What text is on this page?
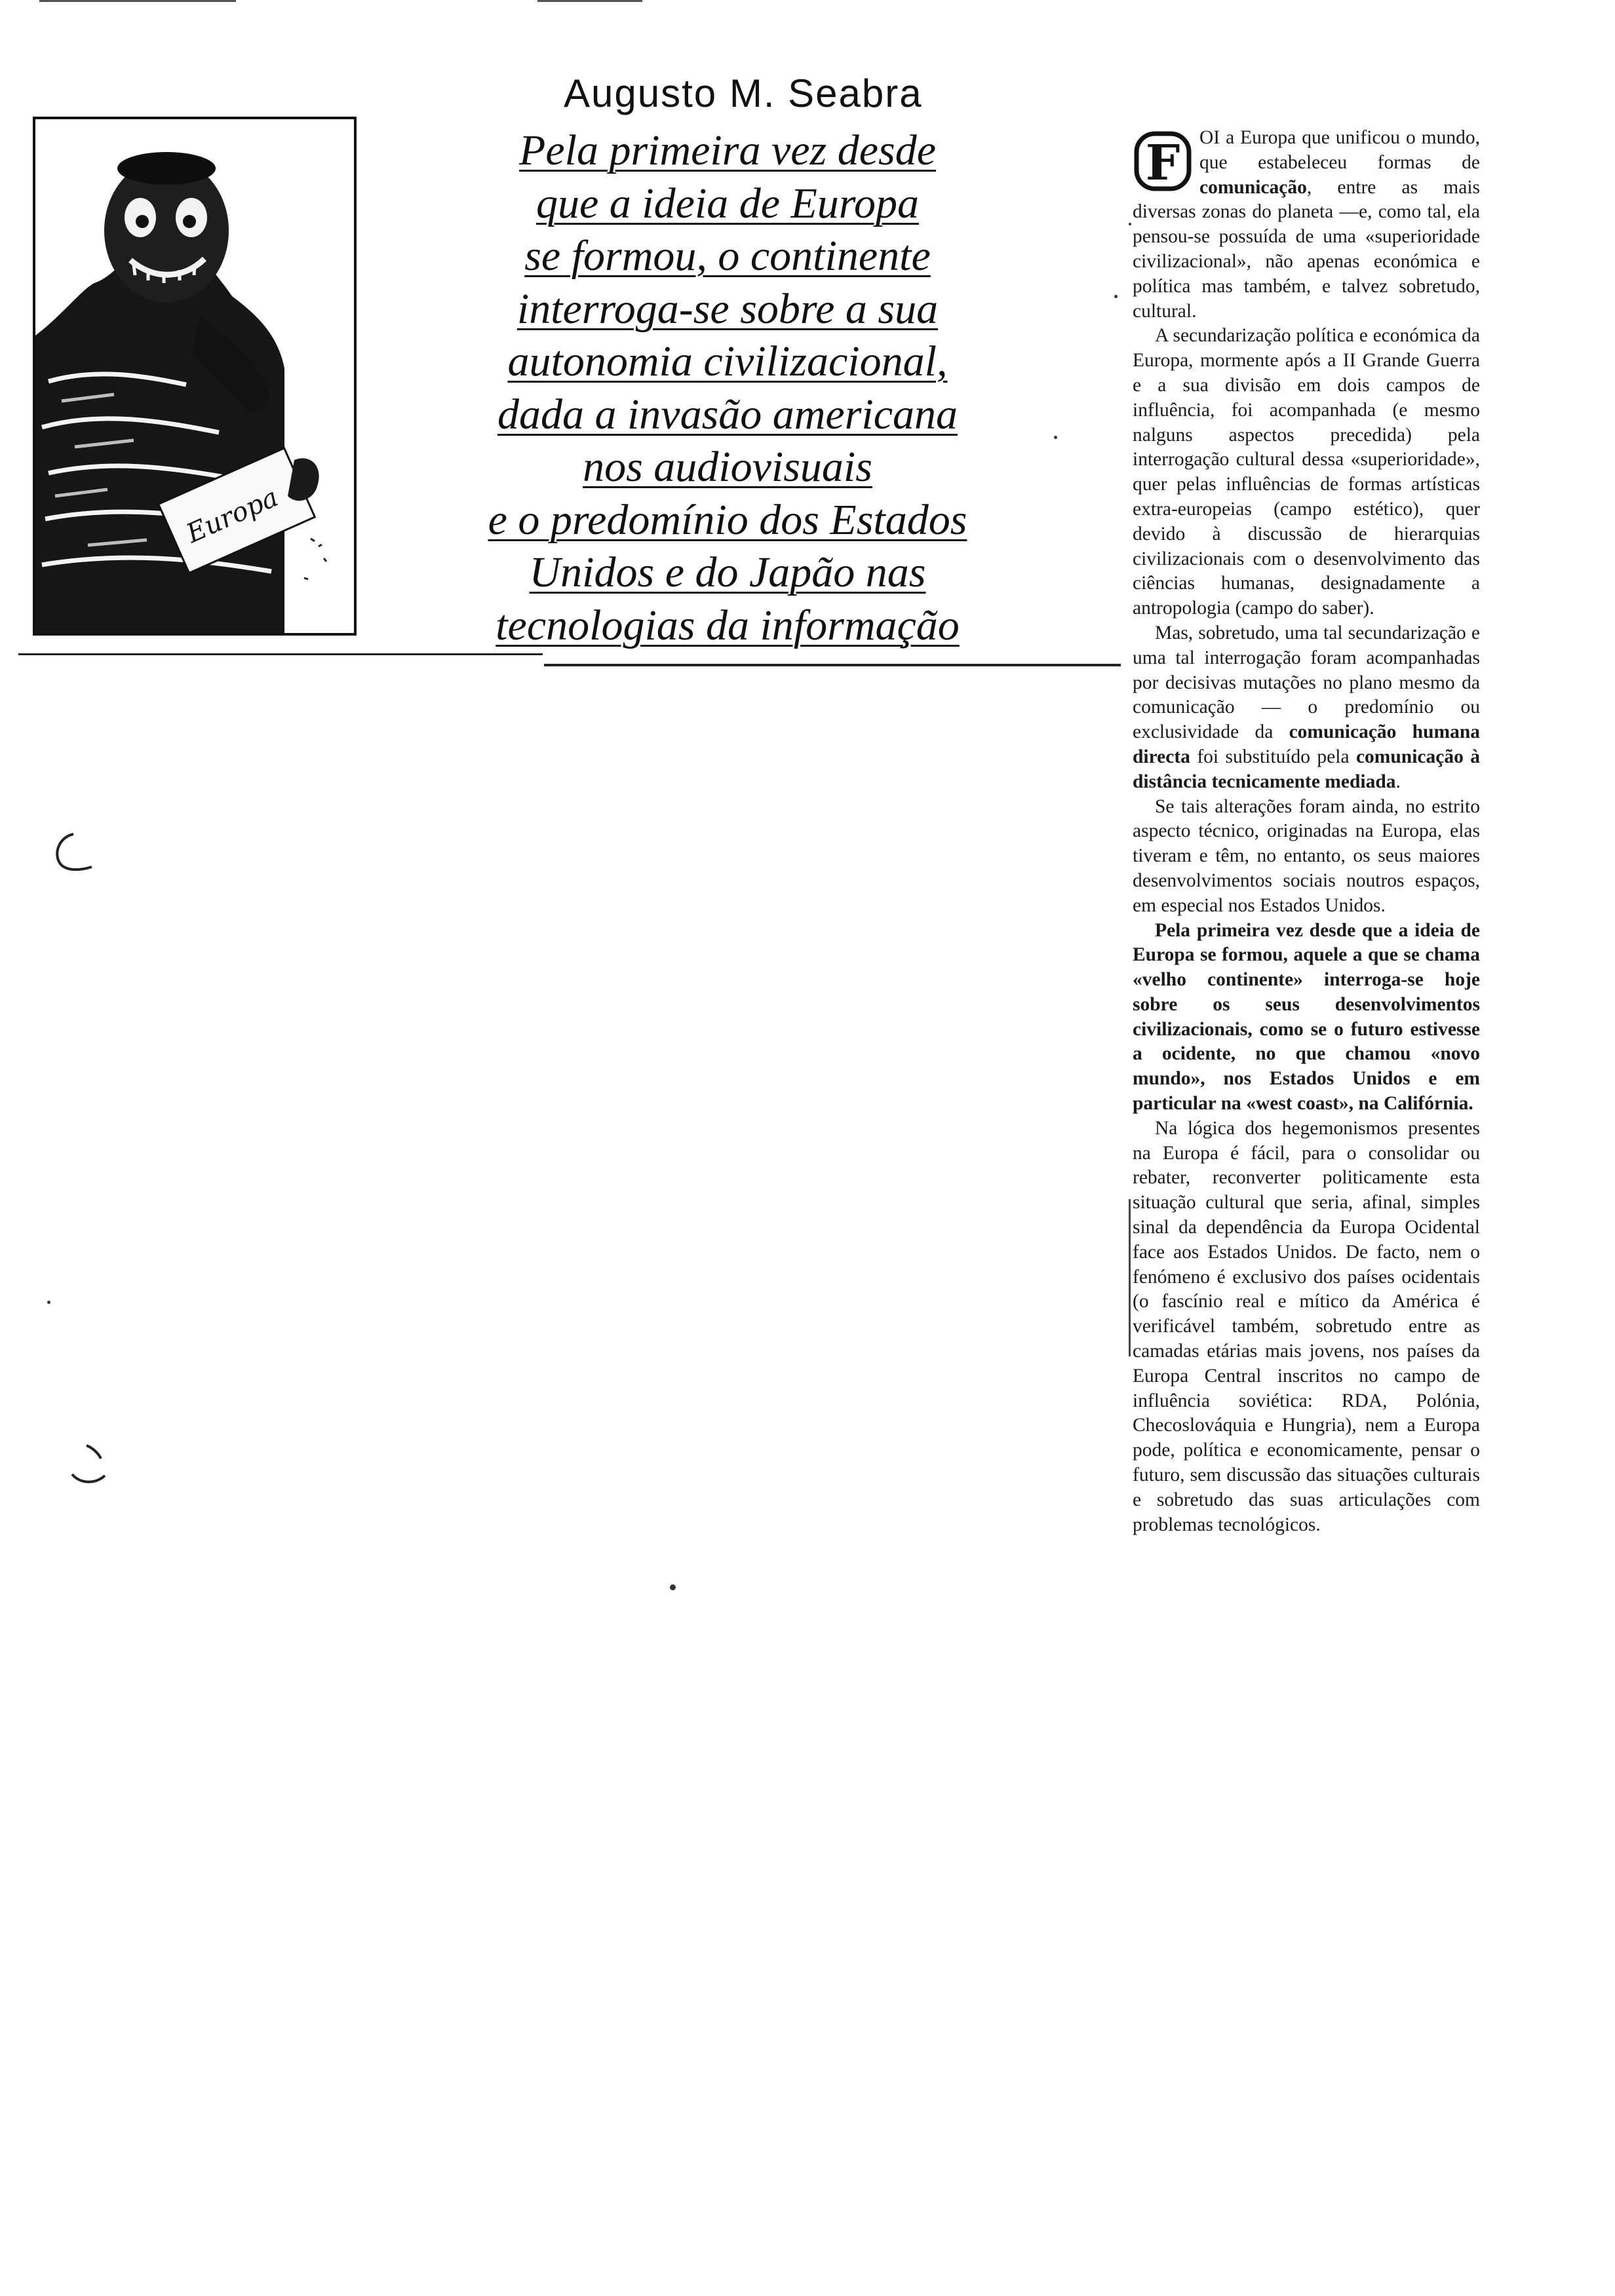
Augusto M. Seabra
Europa
Pela primeira vez desde
que a ideia de Europa
se formou, o continente
interroga-se sobre a sua
autonomia civilizacional,
dada a invasão americana
nos audiovisuais
e o predomínio dos Estados
Unidos e do Japão nas
tecnologias da informação

F OI a Europa que unificou o mundo, que estabeleceu formas de comunicação, entre as mais diversas zonas do planeta —e, como tal, ela pensou-se possuída de uma «superioridade civilizacional», não apenas económica e política mas também, e talvez sobretudo, cultural.

A secundarização política e económica da Europa, mormente após a II Grande Guerra e a sua divisão em dois campos de influência, foi acompanhada (e mesmo nalguns aspectos precedida) pela interrogação cultural dessa «superioridade», quer pelas influências de formas artísticas extra-europeias (campo estético), quer devido à discussão de hierarquias civilizacionais com o desenvolvimento das ciências humanas, designadamente a antropologia (campo do saber).

Mas, sobretudo, uma tal secundarização e uma tal interrogação foram acompanhadas por decisivas mutações no plano mesmo da comunicação — o predomínio ou exclusividade da comunicação humana directa foi substituído pela comunicação à distância tecnicamente mediada.

Se tais alterações foram ainda, no estrito aspecto técnico, originadas na Europa, elas tiveram e têm, no entanto, os seus maiores desenvolvimentos sociais noutros espaços, em especial nos Estados Unidos.

Pela primeira vez desde que a ideia de Europa se formou, aquele a que se chama «velho continente» interroga-se hoje sobre os seus desenvolvimentos civilizacionais, como se o futuro estivesse a ocidente, no que chamou «novo mundo», nos Estados Unidos e em particular na «west coast», na Califórnia.

Na lógica dos hegemonismos presentes na Europa é fácil, para o consolidar ou rebater, reconverter politicamente esta situação cultural que seria, afinal, simples sinal da dependência da Europa Ocidental face aos Estados Unidos. De facto, nem o fenómeno é exclusivo dos países ocidentais (o fascínio real e mítico da América é verificável também, sobretudo entre as camadas etárias mais jovens, nos países da Europa Central inscritos no campo de influência soviética: RDA, Polónia, Checoslováquia e Hungria), nem a Europa pode, política e economicamente, pensar o futuro, sem discussão das situações culturais e sobretudo das suas articulações com problemas tecnológicos.
